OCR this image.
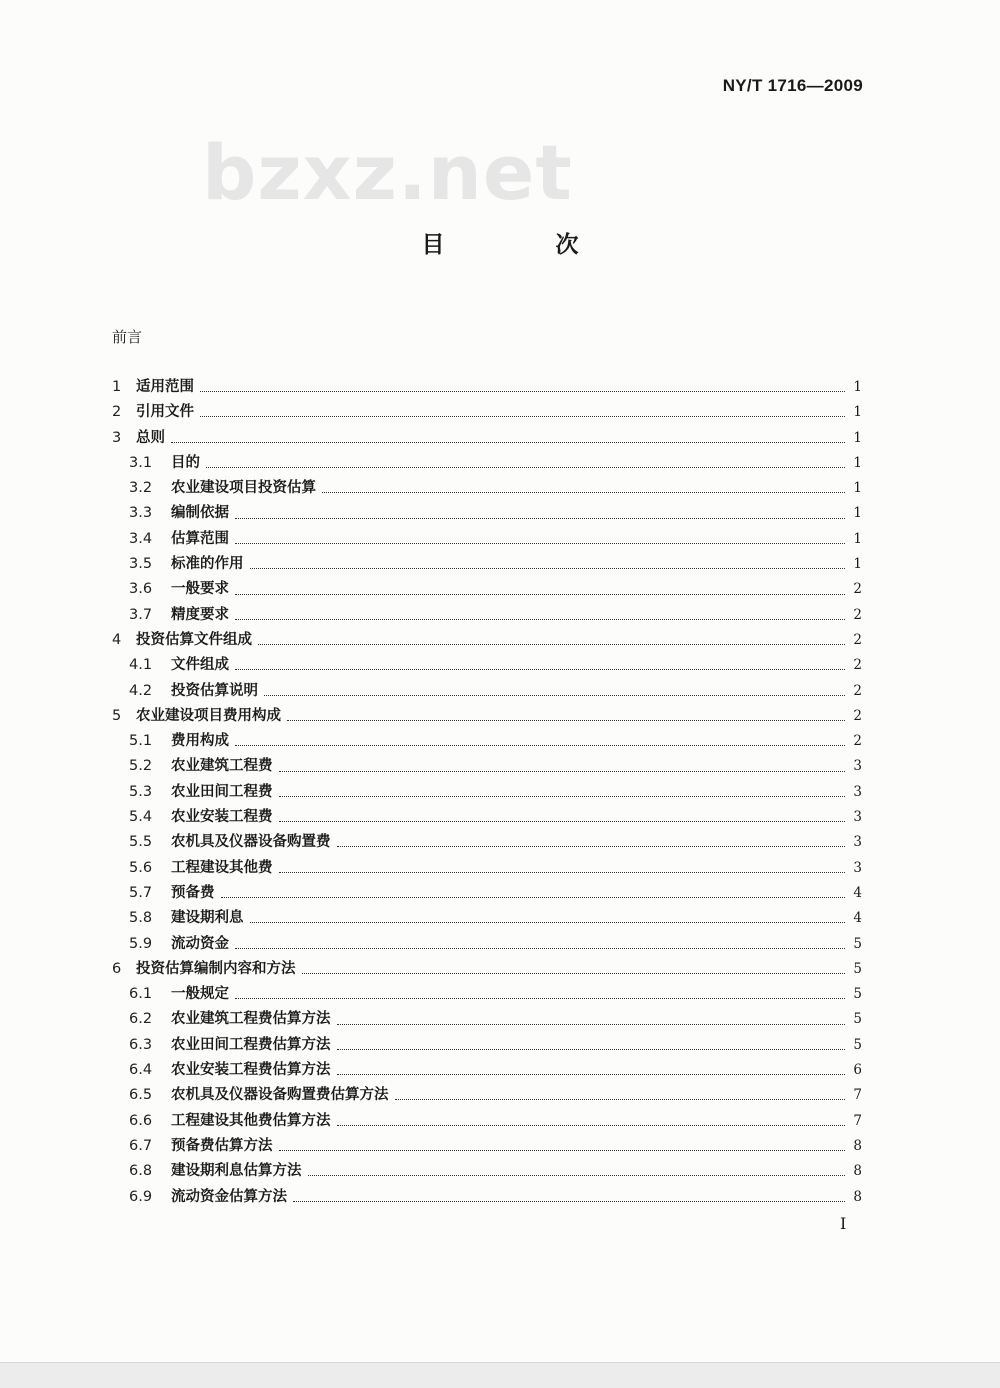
NY/T 1716—2009
bzxz.net
目　次
前言
1	适用范围	1
2	引用文件	1
3	总则	1
3.1	目的	1
3.2	农业建设项目投资估算	1
3.3	编制依据	1
3.4	估算范围	1
3.5	标准的作用	1
3.6	一般要求	2
3.7	精度要求	2
4	投资估算文件组成	2
4.1	文件组成	2
4.2	投资估算说明	2
5	农业建设项目费用构成	2
5.1	费用构成	2
5.2	农业建筑工程费	3
5.3	农业田间工程费	3
5.4	农业安装工程费	3
5.5	农机具及仪器设备购置费	3
5.6	工程建设其他费	3
5.7	预备费	4
5.8	建设期利息	4
5.9	流动资金	5
6	投资估算编制内容和方法	5
6.1	一般规定	5
6.2	农业建筑工程费估算方法	5
6.3	农业田间工程费估算方法	5
6.4	农业安装工程费估算方法	6
6.5	农机具及仪器设备购置费估算方法	7
6.6	工程建设其他费估算方法	7
6.7	预备费估算方法	8
6.8	建设期利息估算方法	8
6.9	流动资金估算方法	8
I
